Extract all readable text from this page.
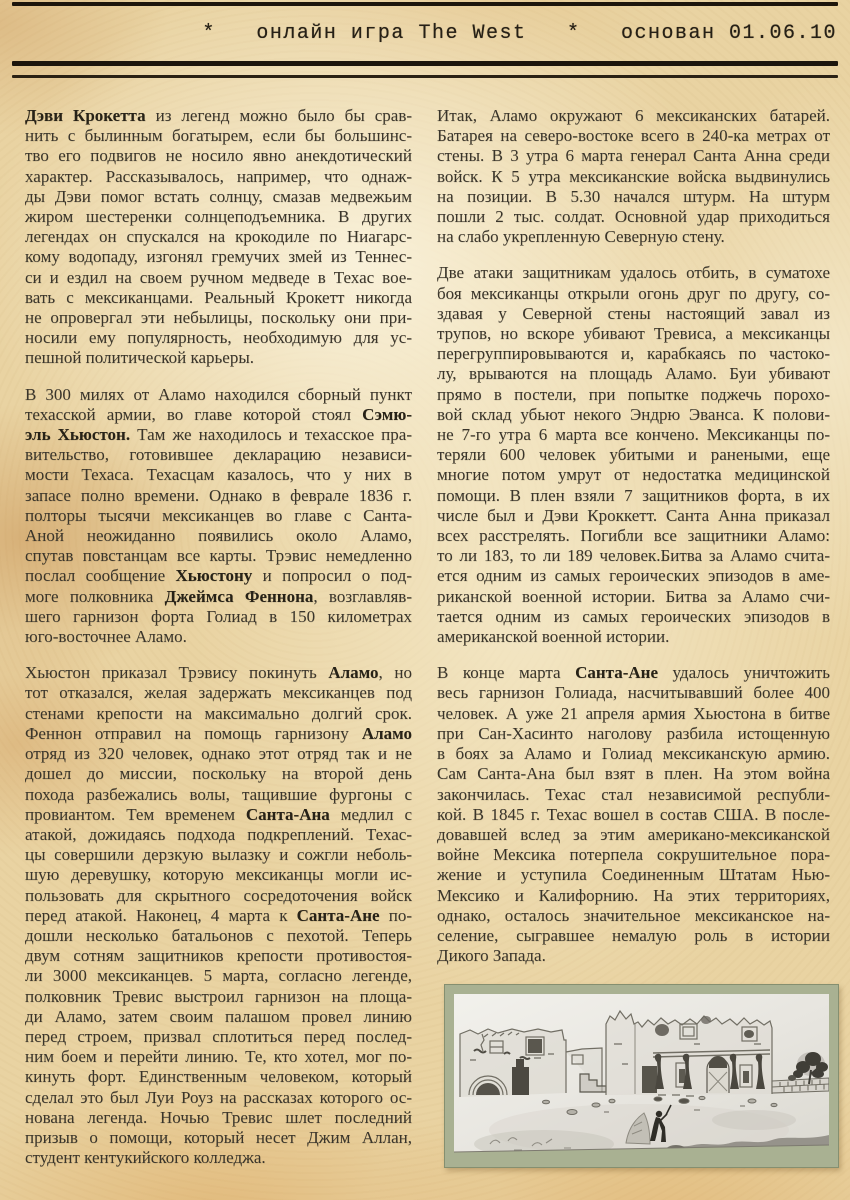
*   онлайн игра The West   *   основан 01.06.10
Дэви Крокетта из легенд можно было бы срав-
нить с былинным богатырем, если бы большинс-
тво его подвигов не носило явно анекдотический
характер. Рассказывалось, например, что однаж-
ды Дэви помог встать солнцу, смазав медвежьим
жиром шестеренки солнцеподъемника. В других
легендах он спускался на крокодиле по Ниагарс-
кому водопаду, изгонял гремучих змей из Теннес-
си и ездил на своем ручном медведе в Техас вое-
вать с мексиканцами. Реальный Крокетт никогда
не опровергал эти небылицы, поскольку они при-
носили ему популярность, необходимую для ус-
пешной политической карьеры.
В 300 милях от Аламо находился сборный пункт
техасской армии, во главе которой стоял Сэмю-
эль Хьюстон. Там же находилось и техасское пра-
вительство, готовившее декларацию независи-
мости Техаса. Техасцам казалось, что у них в
запасе полно времени. Однако в феврале 1836 г.
полторы тысячи мексиканцев во главе с Санта-
Аной неожиданно появились около Аламо,
спутав повстанцам все карты. Трэвис немедленно
послал сообщение Хьюстону и попросил о под-
моге полковника Джеймса Феннона, возглавляв-
шего гарнизон форта Голиад в 150 километрах
юго-восточнее Аламо.
Хьюстон приказал Трэвису покинуть Аламо, но
тот отказался, желая задержать мексиканцев под
стенами крепости на максимально долгий срок.
Феннон отправил на помощь гарнизону Аламо
отряд из 320 человек, однако этот отряд так и не
дошел до миссии, поскольку на второй день
похода разбежались волы, тащившие фургоны с
провиантом. Тем временем Санта-Ана медлил с
атакой, дожидаясь подхода подкреплений. Техас-
цы совершили дерзкую вылазку и сожгли неболь-
шую деревушку, которую мексиканцы могли ис-
пользовать для скрытного сосредоточения войск
перед атакой. Наконец, 4 марта к Санта-Ане по-
дошли несколько батальонов с пехотой. Теперь
двум сотням защитников крепости противостоя-
ли 3000 мексиканцев. 5 марта, согласно легенде,
полковник Тревис выстроил гарнизон на площа-
ди Аламо, затем своим палашом провел линию
перед строем, призвал сплотиться перед послед-
ним боем и перейти линию. Те, кто хотел, мог по-
кинуть форт. Единственным человеком, который
сделал это был Луи Роуз на рассказах которого ос-
нована легенда. Ночью Тревис шлет последний
призыв о помощи, который несет Джим Аллан,
студент кентукийского колледжа.
Итак, Аламо окружают 6 мексиканских батарей.
Батарея на северо-востоке всего в 240-ка метрах от
стены. В 3 утра 6 марта генерал Санта Анна среди
войск. К 5 утра мексиканские войска выдвинулись
на позиции. В 5.30 начался штурм. На штурм
пошли 2 тыс. солдат. Основной удар приходиться
на слабо укрепленную Северную стену.
Две атаки защитникам удалось отбить, в суматохе
боя мексиканцы открыли огонь друг по другу, со-
здавая у Северной стены настоящий завал из
трупов, но вскоре убивают Тревиса, а мексиканцы
перегруппировываются и, карабкаясь по частоко-
лу, врываются на площадь Аламо. Буи убивают
прямо в постели, при попытке поджечь порохо-
вой склад убьют некого Эндрю Эванса. К полови-
не 7-го утра 6 марта все кончено. Мексиканцы по-
теряли 600 человек убитыми и ранеными, еще
многие потом умрут от недостатка медицинской
помощи. В плен взяли 7 защитников форта, в их
числе был и Дэви Кроккетт. Санта Анна приказал
всех расстрелять. Погибли все защитники Аламо:
то ли 183, то ли 189 человек.Битва за Аламо счита-
ется одним из самых героических эпизодов в аме-
риканской военной истории. Битва за Аламо счи-
тается одним из самых героических эпизодов в
американской военной истории.
В конце марта Санта-Ане удалось уничтожить
весь гарнизон Голиада, насчитывавший более 400
человек. А уже 21 апреля армия Хьюстона в битве
при Сан-Хасинто наголову разбила истощенную
в боях за Аламо и Голиад мексиканскую армию.
Сам Санта-Ана был взят в плен. На этом война
закончилась. Техас стал независимой республи-
кой. В 1845 г. Техас вошел в состав США. В после-
довавшей вслед за этим американо-мексиканской
войне Мексика потерпела сокрушительное пора-
жение и уступила Соединенным Штатам Нью-
Мексико и Калифорнию. На этих территориях,
однако, осталось значительное мексиканское на-
селение, сыгравшее немалую роль в истории
Дикого Запада.
